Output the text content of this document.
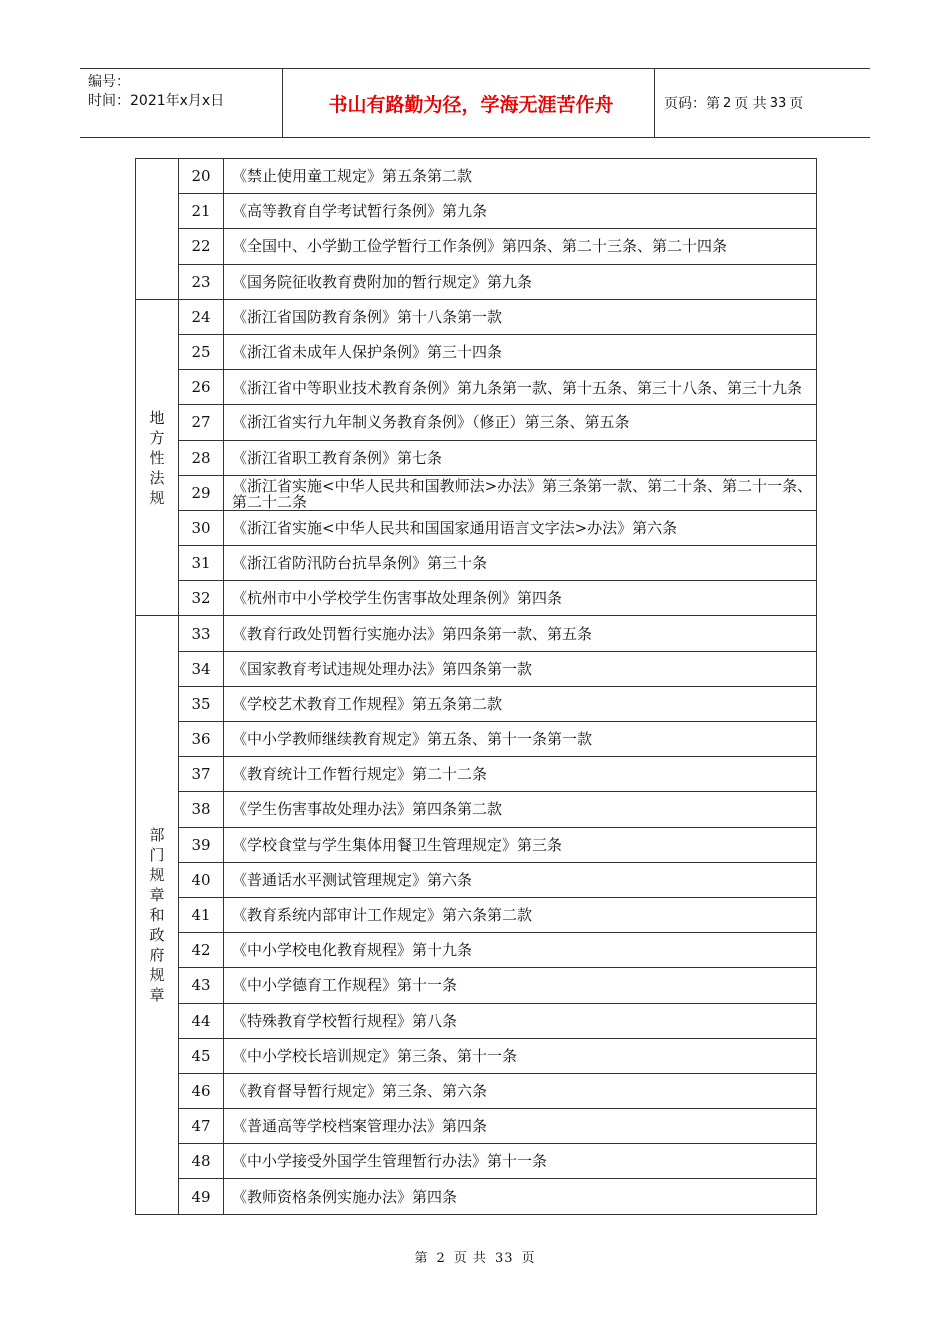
编号：
时间：2021年x月x日	书山有路勤为径，学海无涯苦作舟	页码：第 2 页 共 33 页
	20	《禁止使用童工规定》第五条第二款
	21	《高等教育自学考试暂行条例》第九条
	22	《全国中、小学勤工俭学暂行工作条例》第四条、第二十三条、第二十四条
	23	《国务院征收教育费附加的暂行规定》第九条
地方性法规	24	《浙江省国防教育条例》第十八条第一款
	25	《浙江省未成年人保护条例》第三十四条
	26	《浙江省中等职业技术教育条例》第九条第一款、第十五条、第三十八条、第三十九条
	27	《浙江省实行九年制义务教育条例》（修正）第三条、第五条
	28	《浙江省职工教育条例》第七条
	29	《浙江省实施<中华人民共和国教师法>办法》第三条第一款、第二十条、第二十一条、第二十二条
	30	《浙江省实施<中华人民共和国国家通用语言文字法>办法》第六条
	31	《浙江省防汛防台抗旱条例》第三十条
	32	《杭州市中小学校学生伤害事故处理条例》第四条
部门规章和政府规章	33	《教育行政处罚暂行实施办法》第四条第一款、第五条
	34	《国家教育考试违规处理办法》第四条第一款
	35	《学校艺术教育工作规程》第五条第二款
	36	《中小学教师继续教育规定》第五条、第十一条第一款
	37	《教育统计工作暂行规定》第二十二条
	38	《学生伤害事故处理办法》第四条第二款
	39	《学校食堂与学生集体用餐卫生管理规定》第三条
	40	《普通话水平测试管理规定》第六条
	41	《教育系统内部审计工作规定》第六条第二款
	42	《中小学校电化教育规程》第十九条
	43	《中小学德育工作规程》第十一条
	44	《特殊教育学校暂行规程》第八条
	45	《中小学校长培训规定》第三条、第十一条
	46	《教育督导暂行规定》第三条、第六条
	47	《普通高等学校档案管理办法》第四条
	48	《中小学接受外国学生管理暂行办法》第十一条
	49	《教师资格条例实施办法》第四条
第 2 页 共 33 页
